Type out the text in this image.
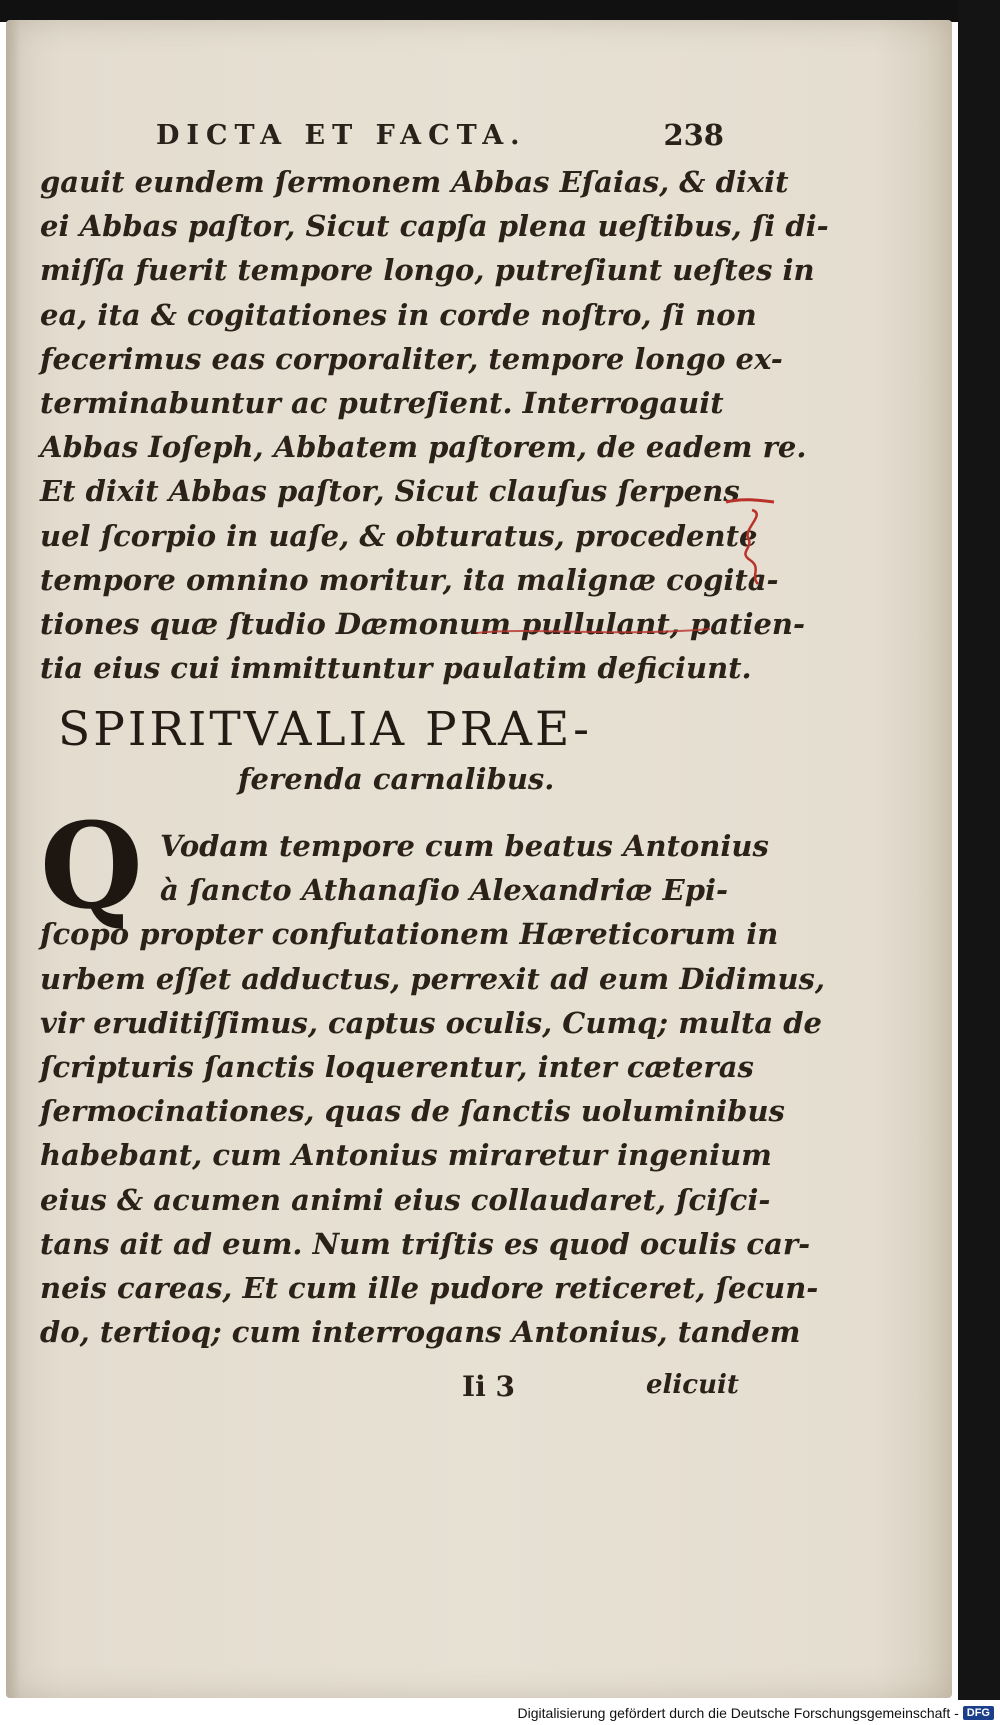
DICTA ET FACTA.	238
gauit eundem ſermonem Abbas Eſaias, & dixit
ei Abbas paſtor, Sicut capſa plena ueſtibus, ſi di-
miſſa fuerit tempore longo, putreſiunt ueſtes in
ea, ita & cogitationes in corde noſtro, ſi non
fecerimus eas corporaliter, tempore longo ex-
terminabuntur ac putreſient. Interrogauit
Abbas Ioſeph, Abbatem paſtorem, de eadem re.
Et dixit Abbas paſtor, Sicut clauſus ſerpens
uel ſcorpio in uaſe, & obturatus, procedente
tempore omnino moritur, ita malignæ cogita-
tiones quæ ſtudio Dæmonum pullulant, patien-
tia eius cui immittuntur paulatim deficiunt.
SPIRITVALIA PRAE-
ferenda carnalibus.
Q Vodam tempore cum beatus Antonius
à ſancto Athanaſio Alexandriæ Epi-
ſcopo propter confutationem Hæreticorum in
urbem eſſet adductus, perrexit ad eum Didimus,
vir eruditiſſimus, captus oculis, Cumq; multa de
ſcripturis ſanctis loquerentur, inter cæteras
ſermocinationes, quas de ſanctis uoluminibus
habebant, cum Antonius miraretur ingenium
eius & acumen animi eius collaudaret, ſciſci-
tans ait ad eum. Num triſtis es quod oculis car-
neis careas, Et cum ille pudore reticeret, ſecun-
do, tertioq; cum interrogans Antonius, tandem
Ii 3	elicuit
Digitalisierung gefördert durch die Deutsche Forschungsgemeinschaft - DFG
